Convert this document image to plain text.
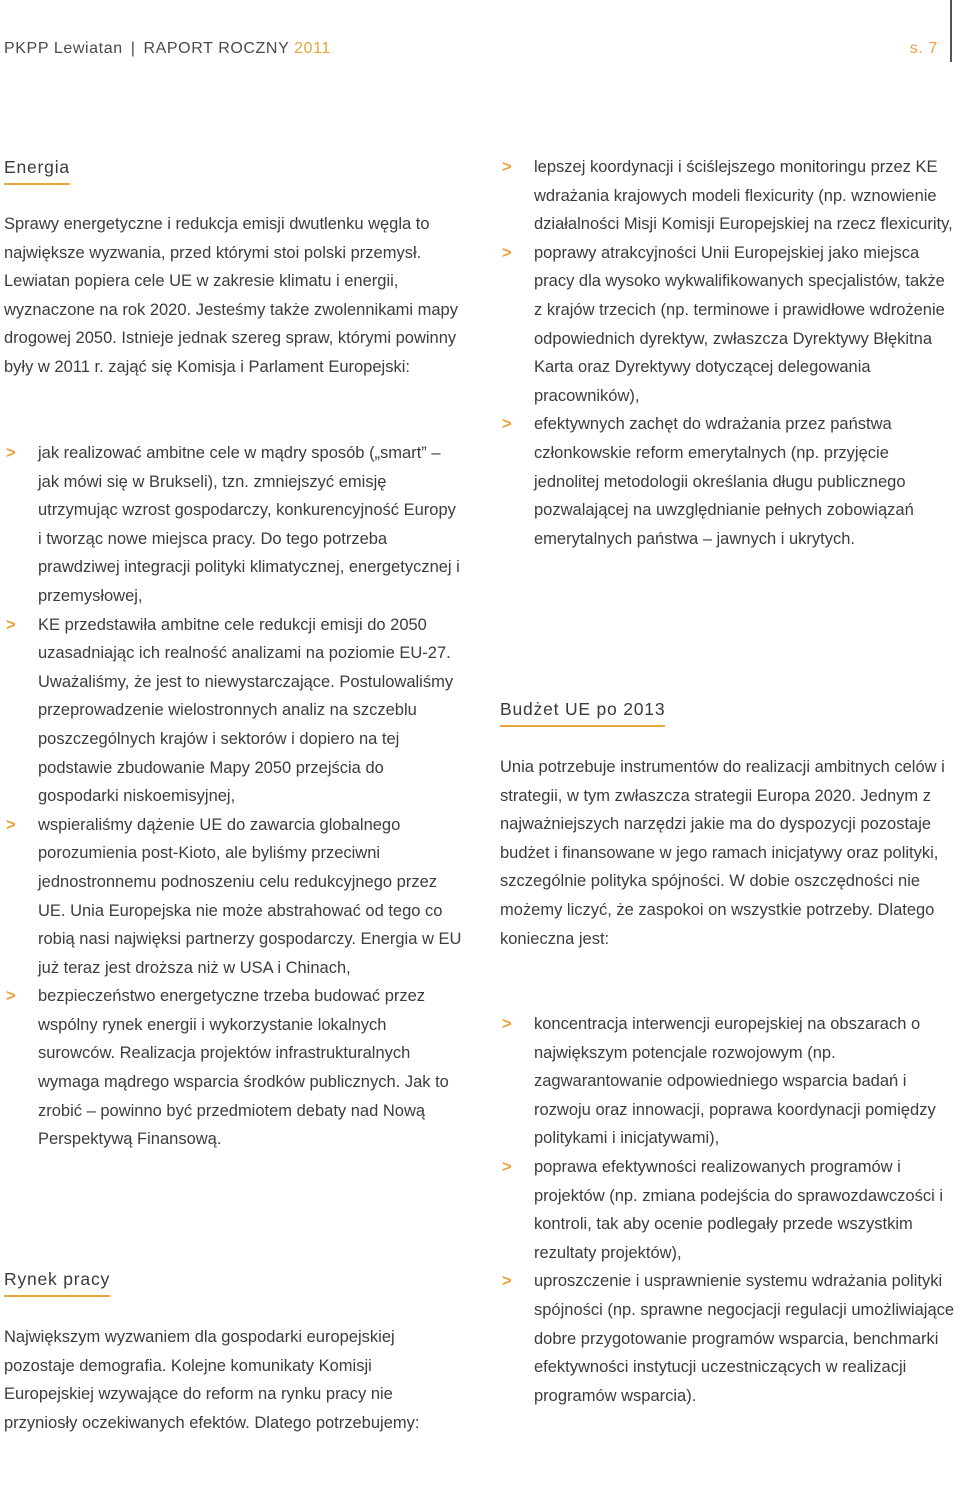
PKPP Lewiatan | RAPORT ROCZNY 2011	s. 7
Energia

Sprawy energetyczne i redukcja emisji dwutlenku węgla to największe wyzwania, przed którymi stoi polski przemysł. Lewiatan popiera cele UE w zakresie klimatu i energii, wyznaczone na rok 2020. Jesteśmy także zwolennikami mapy drogowej 2050. Istnieje jednak szereg spraw, którymi powinny były w 2011 r. zająć się Komisja i Parlament Europejski:

> jak realizować ambitne cele w mądry sposób („smart” – jak mówi się w Brukseli), tzn. zmniejszyć emisję utrzymując wzrost gospodarczy, konkurencyjność Europy i tworząc nowe miejsca pracy. Do tego potrzeba prawdziwej integracji polityki klimatycznej, energetycznej i przemysłowej,
> KE przedstawiła ambitne cele redukcji emisji do 2050 uzasadniając ich realność analizami na poziomie EU-27. Uważaliśmy, że jest to niewystarczające. Postulowaliśmy przeprowadzenie wielostronnych analiz na szczeblu poszczególnych krajów i sektorów i dopiero na tej podstawie zbudowanie Mapy 2050 przejścia do gospodarki niskoemisyjnej,
> wspieraliśmy dążenie UE do zawarcia globalnego porozumienia post-Kioto, ale byliśmy przeciwni jednostronnemu podnoszeniu celu redukcyjnego przez UE. Unia Europejska nie może abstrahować od tego co robią nasi najwięksi partnerzy gospodarczy. Energia w EU już teraz jest droższa niż w USA i Chinach,
> bezpieczeństwo energetyczne trzeba budować przez wspólny rynek energii i wykorzystanie lokalnych surowców. Realizacja projektów infrastrukturalnych wymaga mądrego wsparcia środków publicznych. Jak to zrobić – powinno być przedmiotem debaty nad Nową Perspektywą Finansową.
Rynek pracy

Największym wyzwaniem dla gospodarki europejskiej pozostaje demografia. Kolejne komunikaty Komisji Europejskiej wzywające do reform na rynku pracy nie przyniosły oczekiwanych efektów. Dlatego potrzebujemy:

> lepszej koordynacji i ściślejszego monitoringu przez KE wdrażania krajowych modeli flexicurity (np. wznowienie działalności Misji Komisji Europejskiej na rzecz flexicurity,
> poprawy atrakcyjności Unii Europejskiej jako miejsca pracy dla wysoko wykwalifikowanych specjalistów, także z krajów trzecich (np. terminowe i prawidłowe wdrożenie odpowiednich dyrektyw, zwłaszcza Dyrektywy Błękitna Karta oraz Dyrektywy dotyczącej delegowania pracowników),
> efektywnych zachęt do wdrażania przez państwa członkowskie reform emerytalnych (np. przyjęcie jednolitej metodologii określania długu publicznego pozwalającej na uwzględnianie pełnych zobowiązań emerytalnych państwa – jawnych i ukrytych.
Budżet UE po 2013

Unia potrzebuje instrumentów do realizacji ambitnych celów i strategii, w tym zwłaszcza strategii Europa 2020. Jednym z najważniejszych narzędzi jakie ma do dyspozycji pozostaje budżet i finansowane w jego ramach inicjatywy oraz polityki, szczególnie polityka spójności. W dobie oszczędności nie możemy liczyć, że zaspokoi on wszystkie potrzeby. Dlatego konieczna jest:

> koncentracja interwencji europejskiej na obszarach o największym potencjale rozwojowym (np. zagwarantowanie odpowiedniego wsparcia badań i rozwoju oraz innowacji, poprawa koordynacji pomiędzy politykami i inicjatywami),
> poprawa efektywności realizowanych programów i projektów (np. zmiana podejścia do sprawozdawczości i kontroli, tak aby ocenie podlegały przede wszystkim rezultaty projektów),
> uproszczenie i usprawnienie systemu wdrażania polityki spójności (np. sprawne negocjacji regulacji umożliwiające dobre przygotowanie programów wsparcia, benchmarki efektywności instytucji uczestniczących w realizacji programów wsparcia).
